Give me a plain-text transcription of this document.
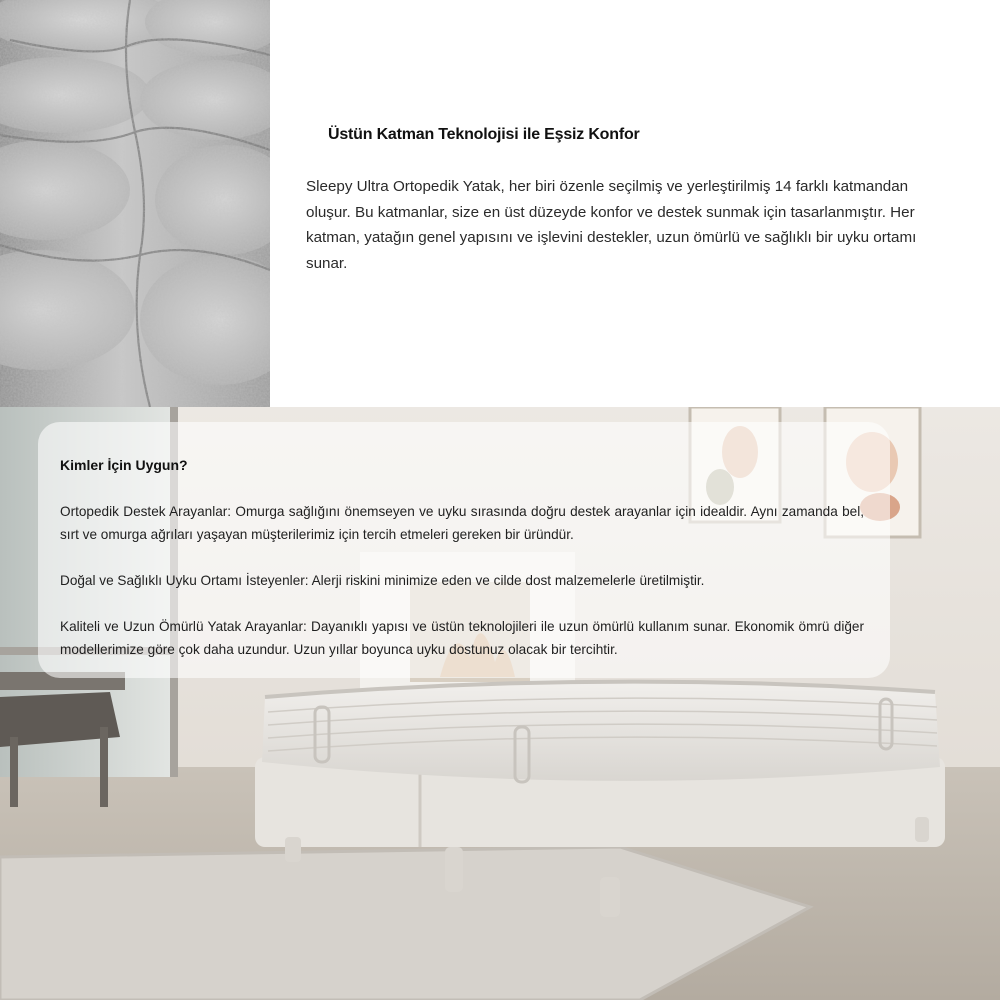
Üstün Katman Teknolojisi ile Eşsiz Konfor
Sleepy Ultra Ortopedik Yatak, her biri özenle seçilmiş ve yerleştirilmiş 14 farklı katmandan oluşur. Bu katmanlar, size en üst düzeyde konfor ve destek sunmak için tasarlanmıştır. Her katman, yatağın genel yapısını ve işlevini destekler, uzun ömürlü ve sağlıklı bir uyku ortamı sunar.
Kimler İçin Uygun?

Ortopedik Destek Arayanlar: Omurga sağlığını önemseyen ve uyku sırasında doğru destek arayanlar için idealdir. Aynı zamanda bel, sırt ve omurga ağrıları yaşayan müşterilerimiz için tercih etmeleri gereken bir üründür.

Doğal ve Sağlıklı Uyku Ortamı İsteyenler: Alerji riskini minimize eden ve cilde dost malzemelerle üretilmiştir.

Kaliteli ve Uzun Ömürlü Yatak Arayanlar: Dayanıklı yapısı ve üstün teknolojileri ile uzun ömürlü kullanım sunar. Ekonomik ömrü diğer modellerimize göre çok daha uzundur. Uzun yıllar boyunca uyku dostunuz olacak bir tercihtir.
